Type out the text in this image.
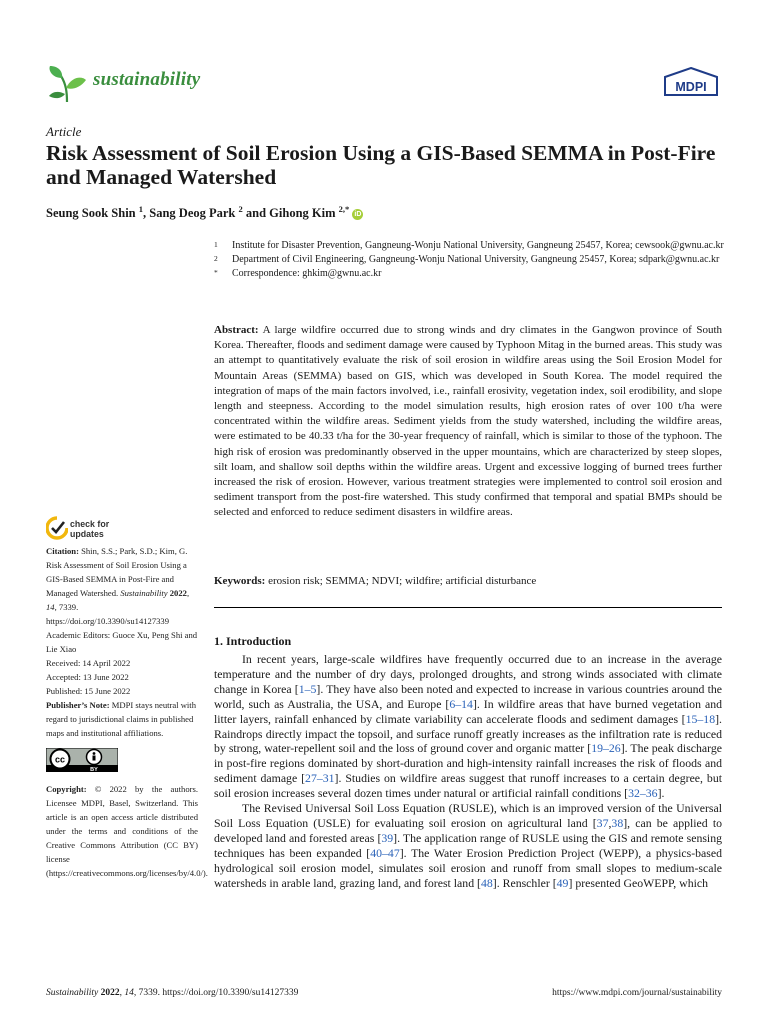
sustainability	MDPI
Article
Risk Assessment of Soil Erosion Using a GIS-Based SEMMA in Post-Fire and Managed Watershed
Seung Sook Shin $^1$, Sang Deog Park $^2$ and Gihong Kim $^{2,*}$ iD
1	Institute for Disaster Prevention, Gangneung-Wonju National University, Gangneung 25457, Korea; cewsook@gwnu.ac.kr
2	Department of Civil Engineering, Gangneung-Wonju National University, Gangneung 25457, Korea; sdpark@gwnu.ac.kr
*	Correspondence: ghkim@gwnu.ac.kr

Abstract: A large wildfire occurred due to strong winds and dry climates in the Gangwon province of South Korea. Thereafter, floods and sediment damage were caused by Typhoon Mitag in the burned areas. This study was an attempt to quantitatively evaluate the risk of soil erosion in wildfire areas using the Soil Erosion Model for Mountain Areas (SEMMA) based on GIS, which was developed in South Korea. The model required the integration of maps of the main factors involved, i.e., rainfall erosivity, vegetation index, soil erodibility, and slope length and steepness. According to the model simulation results, high erosion rates of over 100 t/ha were concentrated within the wildfire areas. Sediment yields from the study watershed, including the wildfire areas, were estimated to be 40.33 t/ha for the 30-year frequency of rainfall, which is similar to those of the typhoon. The high risk of erosion was predominantly observed in the upper mountains, which are characterized by steep slopes, silt loam, and shallow soil depths within the wildfire areas. Urgent and excessive logging of burned trees further increased the risk of erosion. However, various treatment strategies were implemented to control soil erosion and sediment transport from the post-fire watershed. This study confirmed that temporal and spatial BMPs should be selected and enforced to reduce sediment disasters in wildfire areas.

Keywords: erosion risk; SEMMA; NDVI; wildfire; artificial disturbance
check for
updates

Citation: Shin, S.S.; Park, S.D.; Kim, G. Risk Assessment of Soil Erosion Using a GIS-Based SEMMA in Post-Fire and Managed Watershed. Sustainability 2022, 14, 7339. https://doi.org/10.3390/su14127339

Academic Editors: Guoce Xu, Peng Shi and Lie Xiao

Received: 14 April 2022
Accepted: 13 June 2022
Published: 15 June 2022

Publisher’s Note: MDPI stays neutral with regard to jurisdictional claims in published maps and institutional affiliations.

cc
BY

Copyright: © 2022 by the authors. Licensee MDPI, Basel, Switzerland. This article is an open access article distributed under the terms and conditions of the Creative Commons Attribution (CC BY) license (https://creativecommons.org/licenses/by/4.0/).

1. Introduction

In recent years, large-scale wildfires have frequently occurred due to an increase in the average temperature and the number of dry days, prolonged droughts, and strong winds associated with climate change in Korea [1–5]. They have also been noted and expected to increase in various countries around the world, such as Australia, the USA, and Europe [6–14]. In wildfire areas that have burned vegetation and litter layers, rainfall enhanced by climate variability can accelerate floods and sediment damages [15–18]. Raindrops directly impact the topsoil, and surface runoff greatly increases as the infiltration rate is reduced by strong, water-repellent soil and the loss of ground cover and organic matter [19–26]. The peak discharge in post-fire regions dominated by short-duration and high-intensity rainfall increases the risk of floods and sediment damage [27–31]. Studies on wildfire areas suggest that runoff increases to a certain degree, but soil erosion increases several dozen times under natural or artificial rainfall conditions [32–36].

The Revised Universal Soil Loss Equation (RUSLE), which is an improved version of the Universal Soil Loss Equation (USLE) for evaluating soil erosion on agricultural land [37,38], can be applied to developed land and forested areas [39]. The application range of RUSLE using the GIS and remote sensing techniques has been expanded [40–47]. The Water Erosion Prediction Project (WEPP), a physics-based hydrological soil erosion model, simulates soil erosion and runoff from small slopes to medium-scale watersheds in arable land, grazing land, and forest land [48]. Renschler [49] presented GeoWEPP, which

Sustainability 2022, 14, 7339. https://doi.org/10.3390/su14127339	https://www.mdpi.com/journal/sustainability
